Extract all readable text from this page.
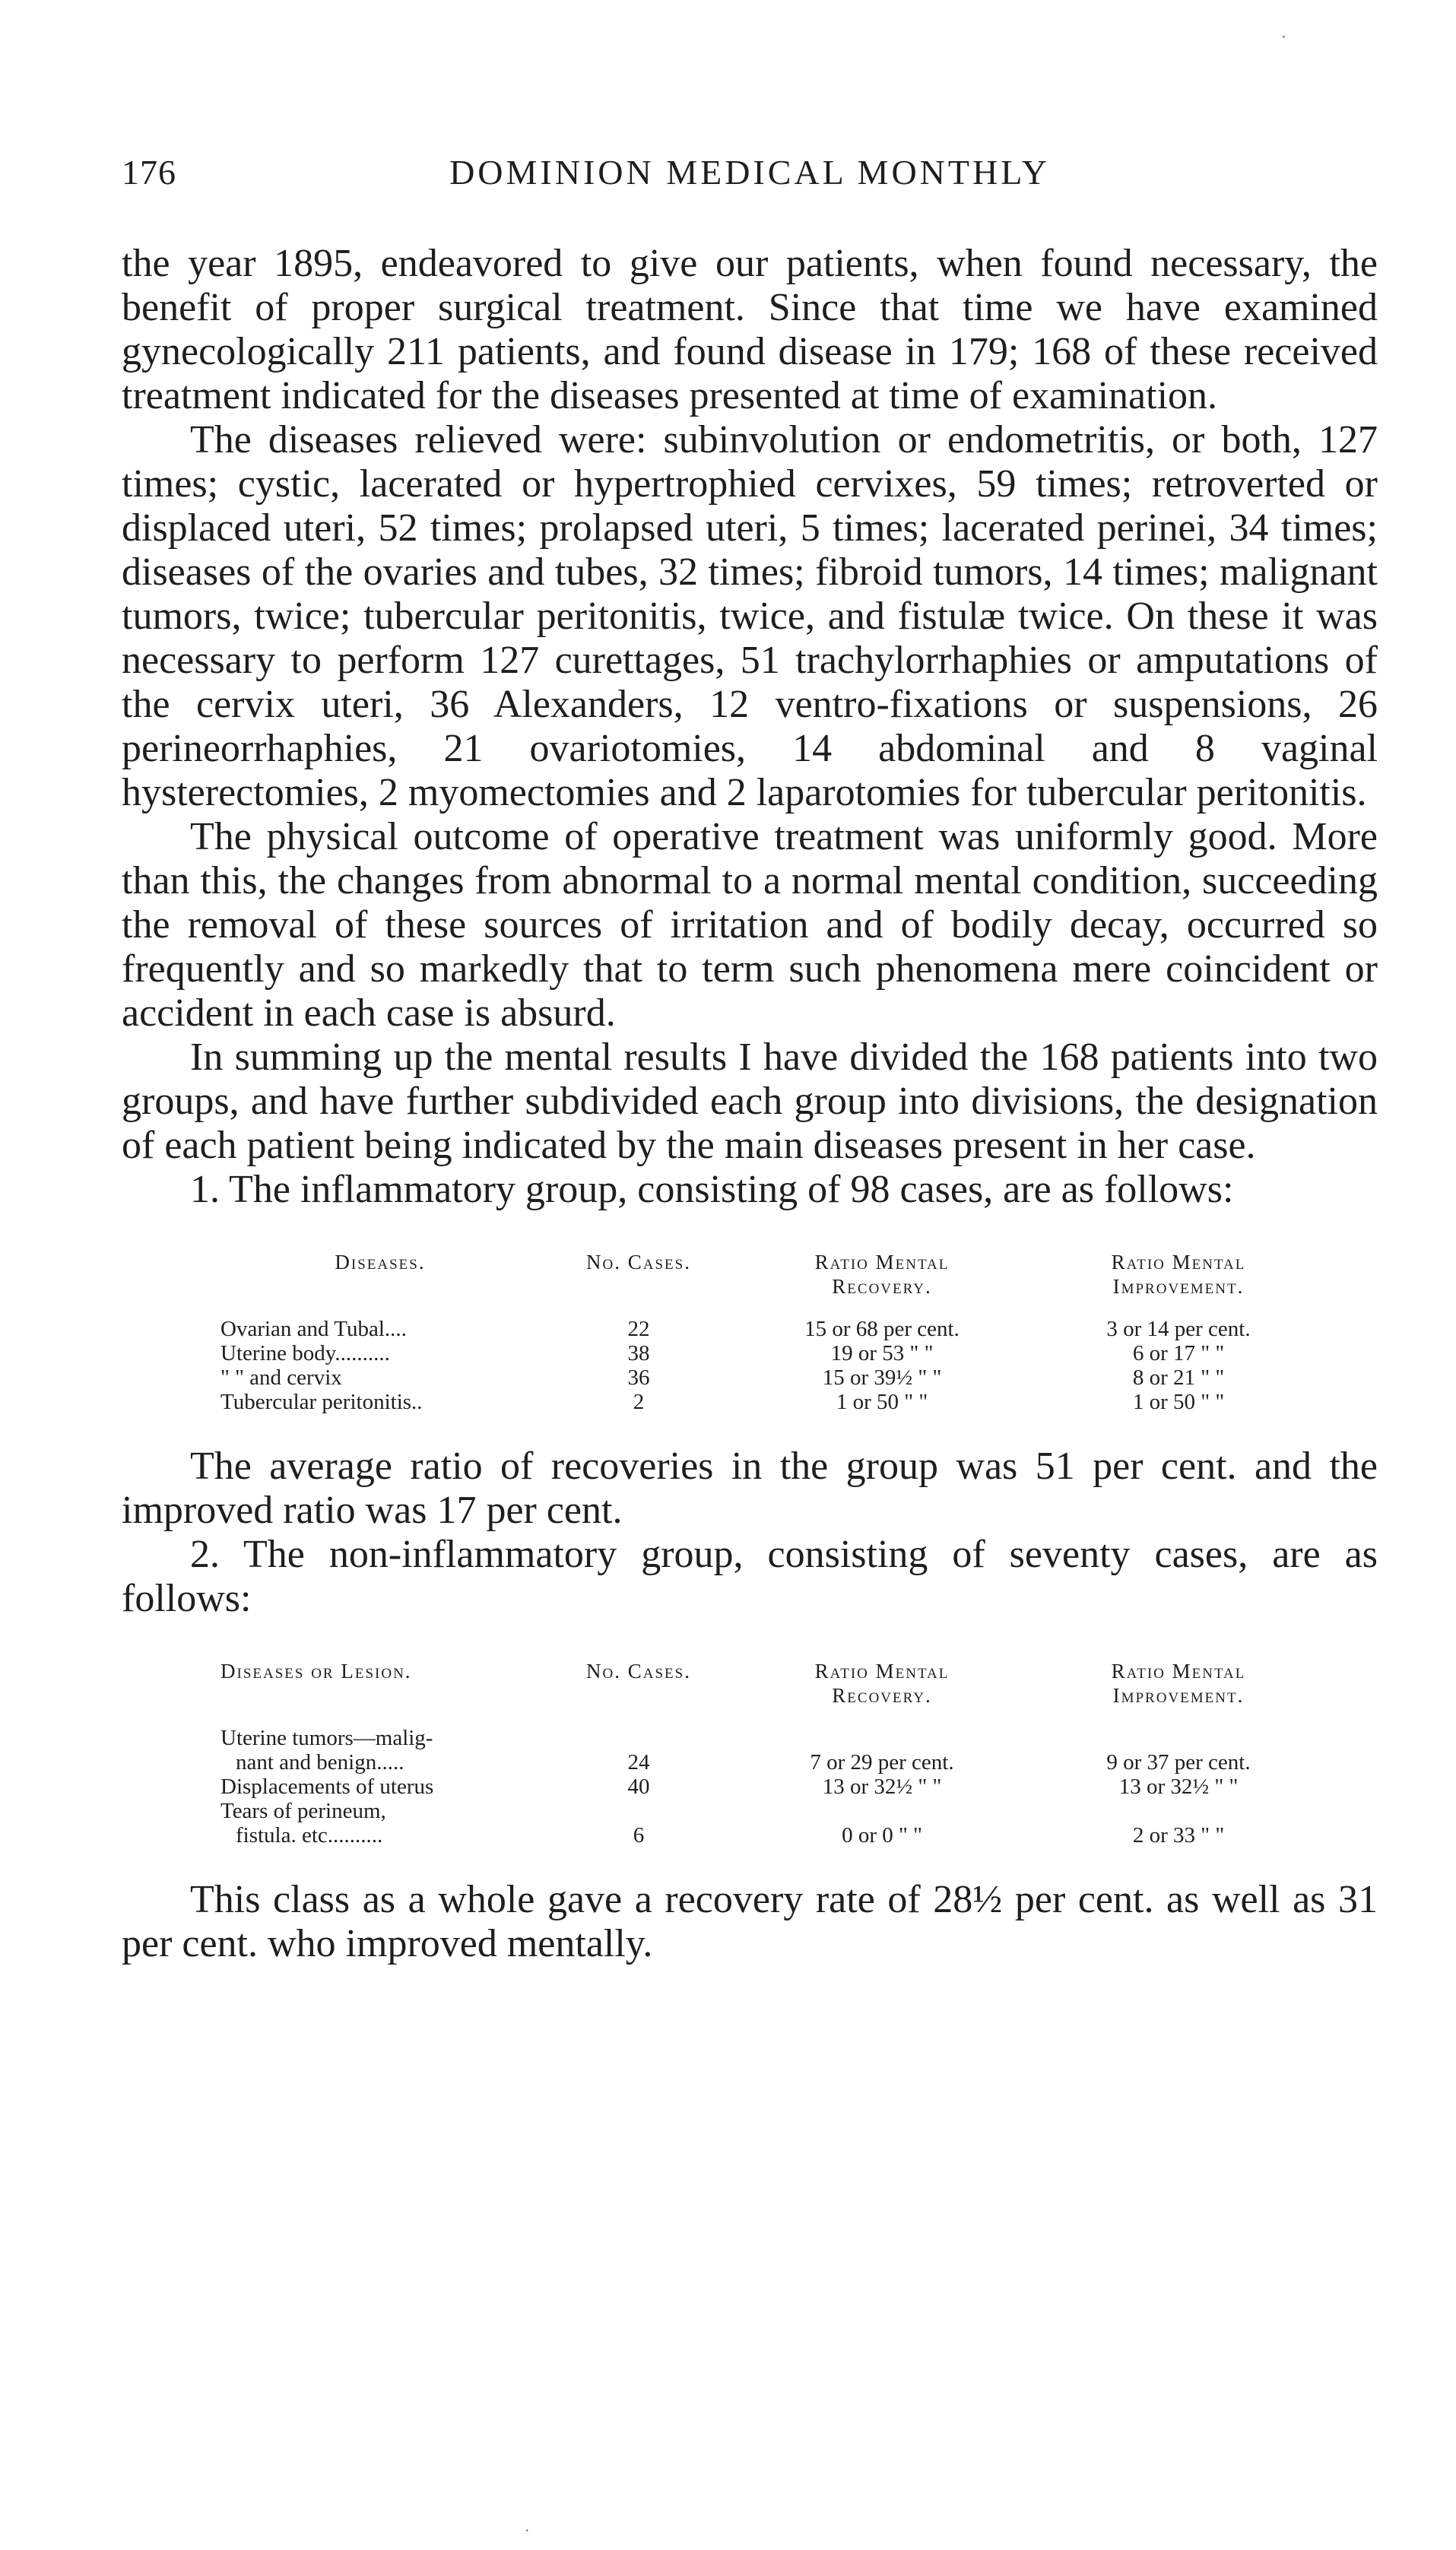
·
176	DOMINION MEDICAL MONTHLY

the year 1895, endeavored to give our patients, when found necessary, the benefit of proper surgical treatment. Since that time we have examined gynecologically 211 patients, and found disease in 179; 168 of these received treatment indicated for the diseases presented at time of examination.

The diseases relieved were: subinvolution or endometritis, or both, 127 times; cystic, lacerated or hypertrophied cervixes, 59 times; retroverted or displaced uteri, 52 times; prolapsed uteri, 5 times; lacerated perinei, 34 times; diseases of the ovaries and tubes, 32 times; fibroid tumors, 14 times; malignant tumors, twice; tubercular peritonitis, twice, and fistulæ twice. On these it was necessary to perform 127 curettages, 51 trachylorrhaphies or amputations of the cervix uteri, 36 Alexanders, 12 ventro-fixations or suspensions, 26 perineorrhaphies, 21 ovariotomies, 14 abdominal and 8 vaginal hysterectomies, 2 myomectomies and 2 laparotomies for tubercular peritonitis.

The physical outcome of operative treatment was uniformly good. More than this, the changes from abnormal to a normal mental condition, succeeding the removal of these sources of irritation and of bodily decay, occurred so frequently and so markedly that to term such phenomena mere coincident or accident in each case is absurd.

In summing up the mental results I have divided the 168 patients into two groups, and have further subdivided each group into divisions, the designation of each patient being indicated by the main diseases present in her case.

1. The inflammatory group, consisting of 98 cases, are as follows:

Diseases.	No. Cases.	Ratio Mental
Recovery.	Ratio Mental
Improvement.
Ovarian and Tubal....	22	15 or 68 per cent.	3 or 14 per cent.
Uterine body..........	38	19 or 53 " "	6 or 17 " "
" " and cervix	36	15 or 39½ " "	8 or 21 " "
Tubercular peritonitis..	2	1 or 50 " "	1 or 50 " "

The average ratio of recoveries in the group was 51 per cent. and the improved ratio was 17 per cent.

2. The non-inflammatory group, consisting of seventy cases, are as follows:

Diseases or Lesion.	No. Cases.	Ratio Mental
Recovery.	Ratio Mental
Improvement.
Uterine tumors—malig-
nant and benign.....	24	7 or 29 per cent.	9 or 37 per cent.
Displacements of uterus	40	13 or 32½ " "	13 or 32½ " "
Tears of perineum,
fistula. etc..........	6	0 or 0 " "	2 or 33 " "

This class as a whole gave a recovery rate of 28½ per cent. as well as 31 per cent. who improved mentally.

·
